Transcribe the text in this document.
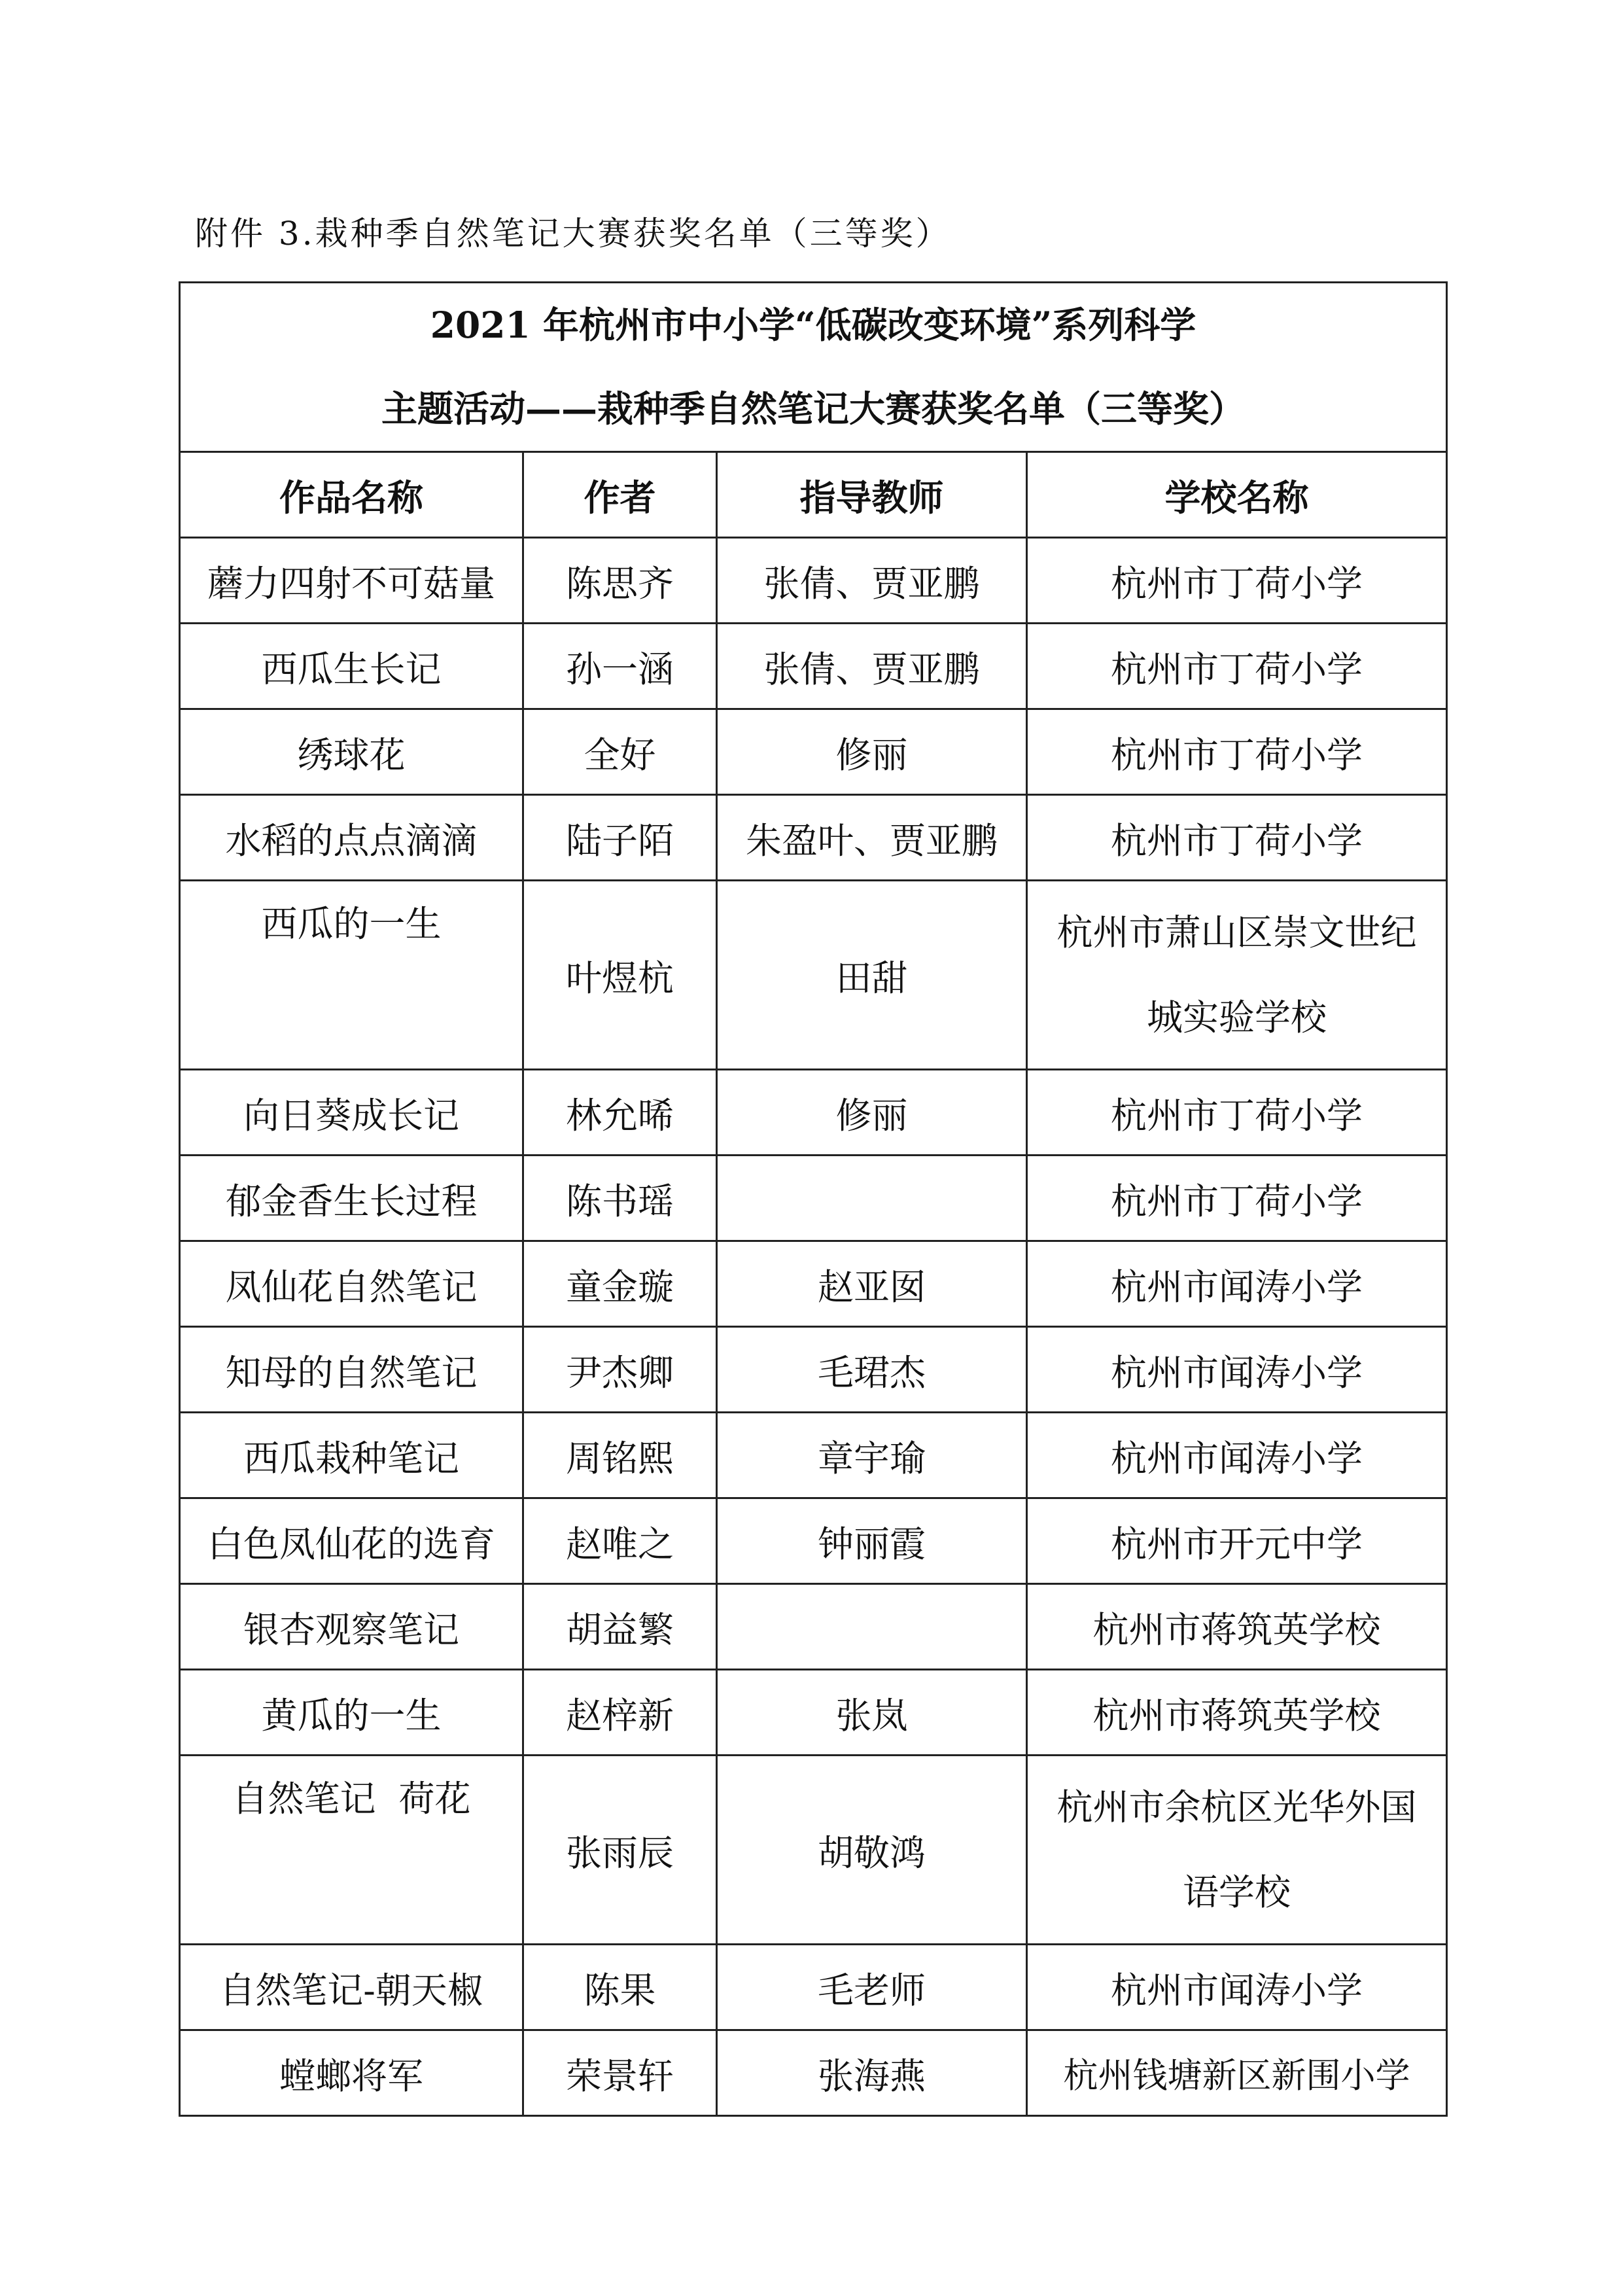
附件 3.栽种季自然笔记大赛获奖名单（三等奖）
2021 年杭州市中小学“低碳改变环境”系列科学
主题活动——栽种季自然笔记大赛获奖名单（三等奖）			

作品名称	作者	指导教师	学校名称
蘑力四射不可菇量	陈思齐	张倩、贾亚鹏	杭州市丁荷小学
西瓜生长记	孙一涵	张倩、贾亚鹏	杭州市丁荷小学
绣球花	全好	修丽	杭州市丁荷小学
水稻的点点滴滴	陆子陌	朱盈叶、贾亚鹏	杭州市丁荷小学
西瓜的一生	叶煜杭	田甜	杭州市萧山区崇文世纪
城实验学校

向日葵成长记	林允晞	修丽	杭州市丁荷小学
郁金香生长过程	陈书瑶		杭州市丁荷小学
凤仙花自然笔记	童金璇	赵亚囡	杭州市闻涛小学
知母的自然笔记	尹杰卿	毛珺杰	杭州市闻涛小学
西瓜栽种笔记	周铭熙	章宇瑜	杭州市闻涛小学
白色凤仙花的选育	赵唯之	钟丽霞	杭州市开元中学
银杏观察笔记	胡益繁		杭州市蒋筑英学校
黄瓜的一生	赵梓新	张岚	杭州市蒋筑英学校
自然笔记  荷花	张雨辰	胡敬鸿	杭州市余杭区光华外国
语学校

自然笔记-朝天椒	陈果	毛老师	杭州市闻涛小学
螳螂将军	荣景轩	张海燕	杭州钱塘新区新围小学
